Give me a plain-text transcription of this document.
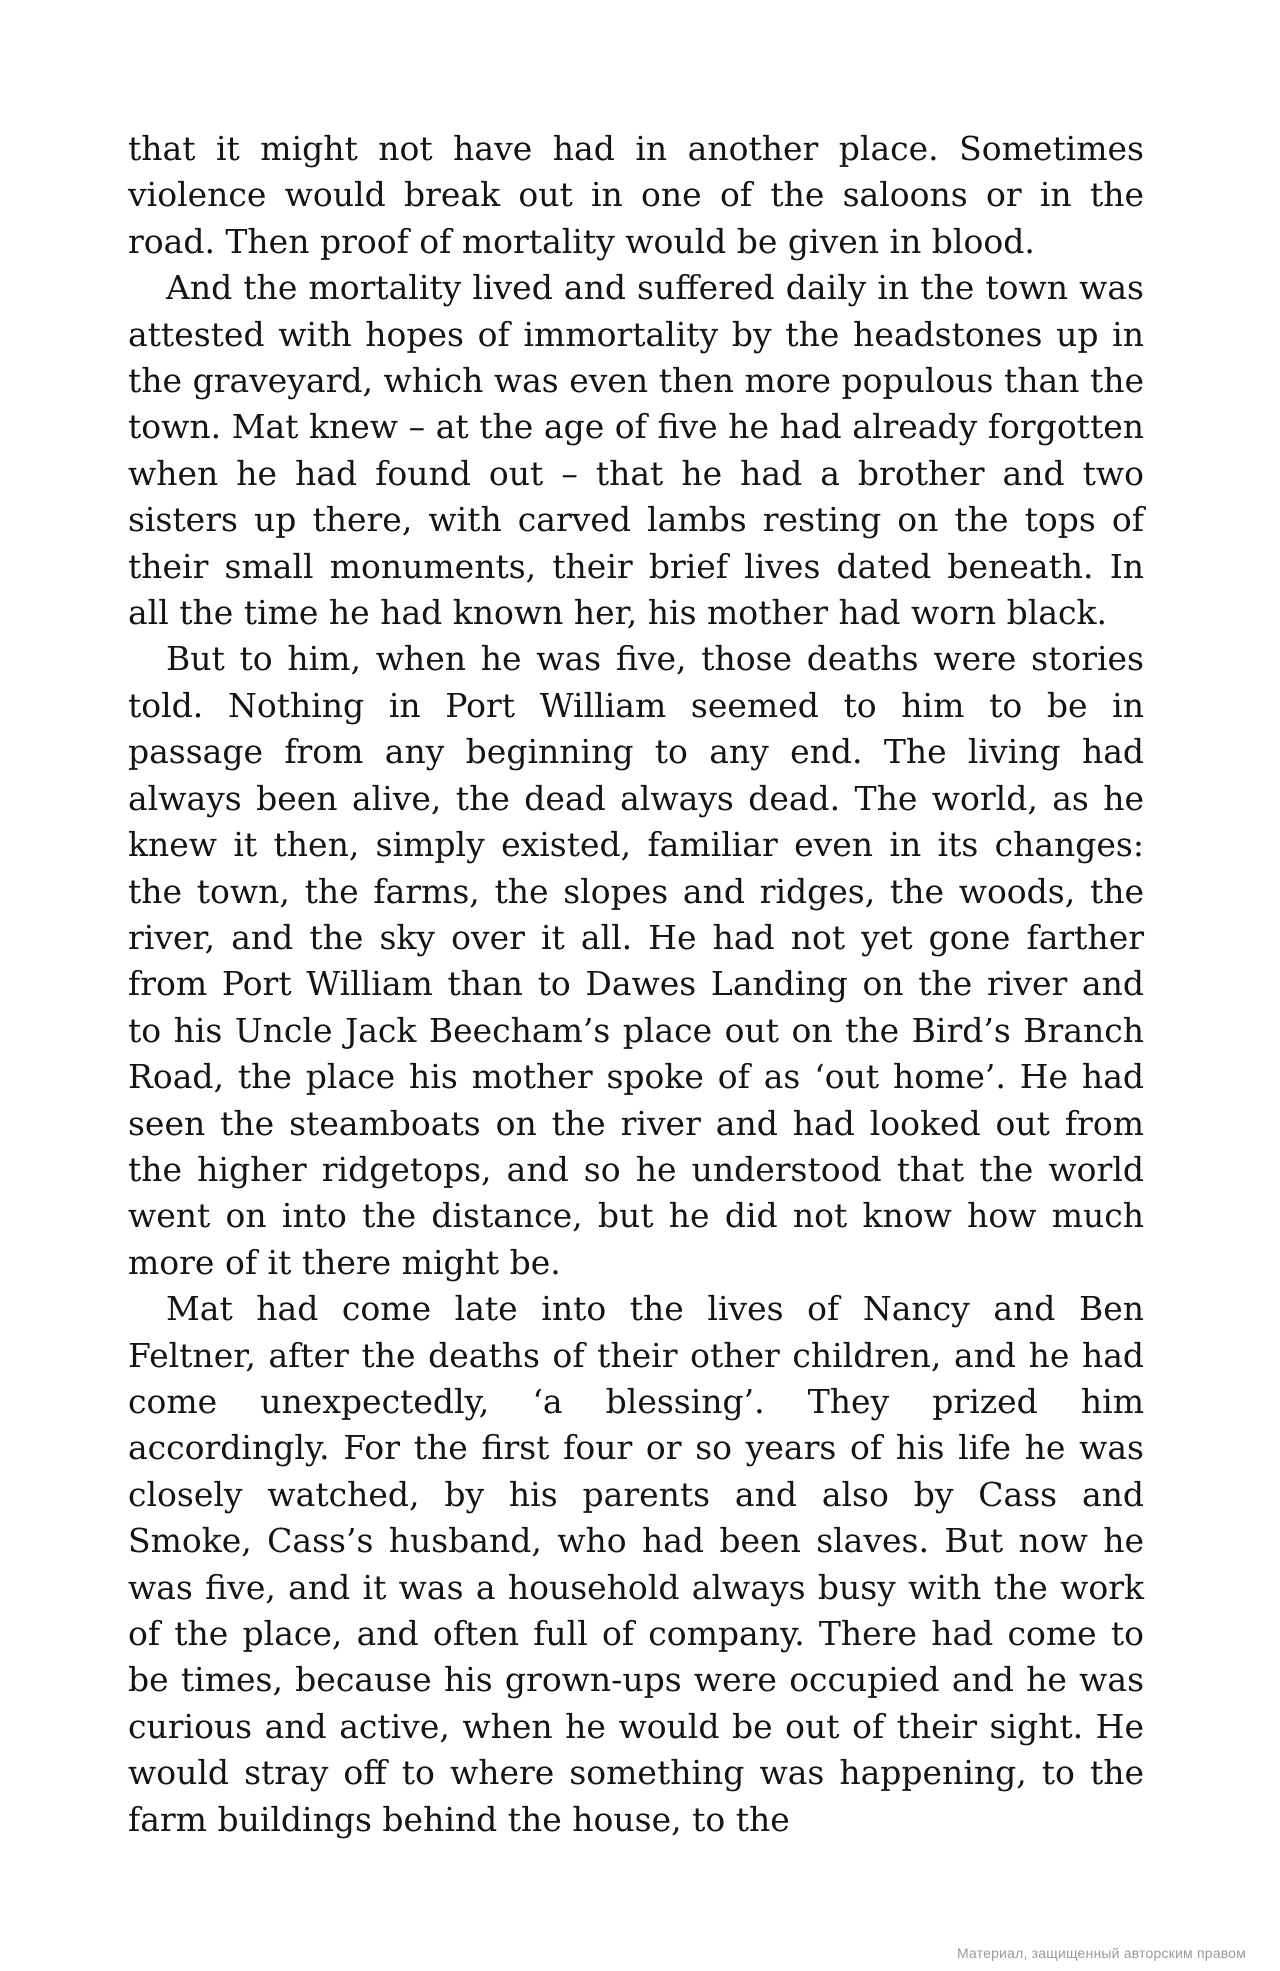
that it might not have had in another place. Sometimes violence would break out in one of the saloons or in the road. Then proof of mortality would be given in blood.

And the mortality lived and suffered daily in the town was attested with hopes of immortality by the headstones up in the graveyard, which was even then more populous than the town. Mat knew – at the age of five he had already forgotten when he had found out – that he had a brother and two sisters up there, with carved lambs resting on the tops of their small monuments, their brief lives dated beneath. In all the time he had known her, his mother had worn black.

But to him, when he was five, those deaths were stories told. Nothing in Port William seemed to him to be in passage from any beginning to any end. The living had always been alive, the dead always dead. The world, as he knew it then, simply existed, familiar even in its changes: the town, the farms, the slopes and ridges, the woods, the river, and the sky over it all. He had not yet gone farther from Port William than to Dawes Landing on the river and to his Uncle Jack Beecham’s place out on the Bird’s Branch Road, the place his mother spoke of as ‘out home’. He had seen the steamboats on the river and had looked out from the higher ridgetops, and so he understood that the world went on into the distance, but he did not know how much more of it there might be.

Mat had come late into the lives of Nancy and Ben Feltner, after the deaths of their other children, and he had come unexpectedly, ‘a blessing’. They prized him accordingly. For the first four or so years of his life he was closely watched, by his parents and also by Cass and Smoke, Cass’s husband, who had been slaves. But now he was five, and it was a household always busy with the work of the place, and often full of company. There had come to be times, because his grown-ups were occupied and he was curious and active, when he would be out of their sight. He would stray off to where something was happening, to the farm buildings behind the house, to the

Материал, защищенный авторским правом
